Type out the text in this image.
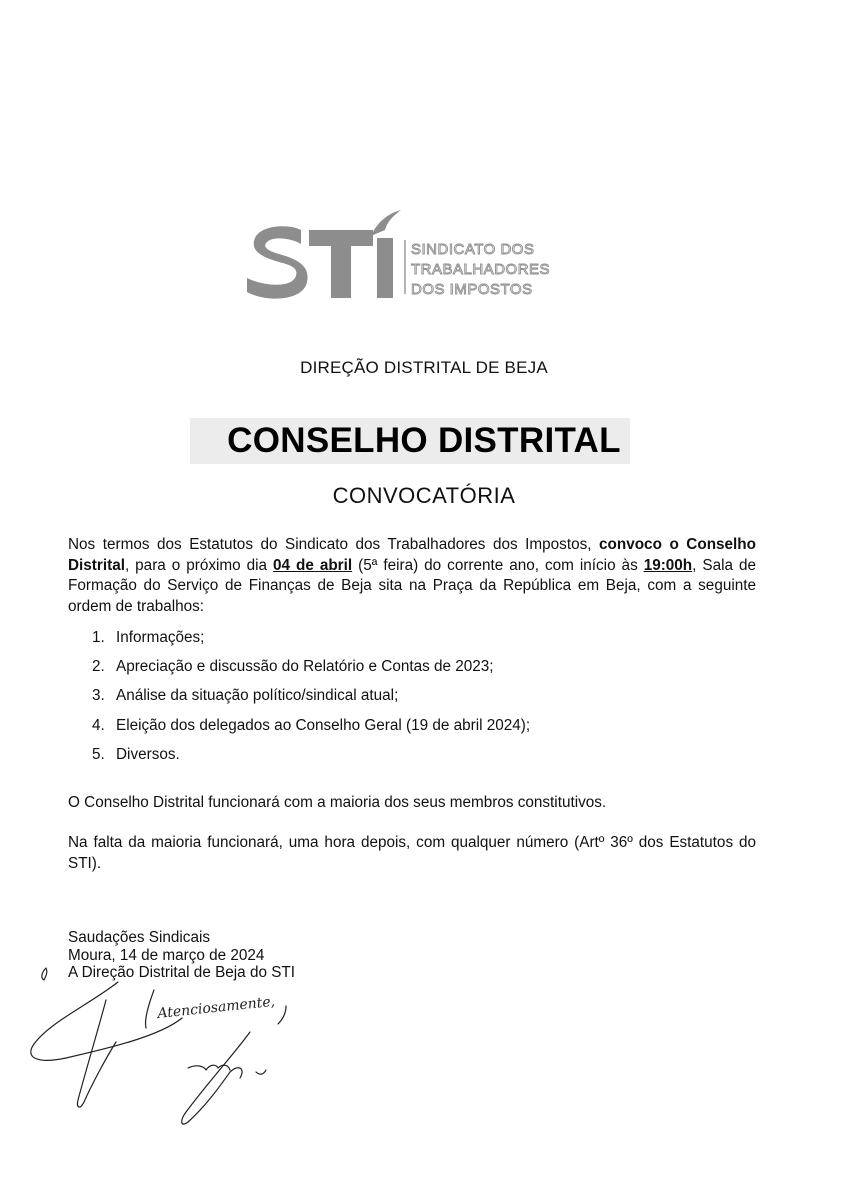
SINDICATO DOS
TRABALHADORES
DOS IMPOSTOS
DIREÇÃO DISTRITAL DE BEJA
CONSELHO DISTRITAL
CONVOCATÓRIA
Nos termos dos Estatutos do Sindicato dos Trabalhadores dos Impostos, convoco o Conselho Distrital, para o próximo dia 04 de abril (5ª feira) do corrente ano, com início às 19:00h, Sala de Formação do Serviço de Finanças de Beja sita na Praça da República em Beja, com a seguinte ordem de trabalhos:
1. Informações;
2. Apreciação e discussão do Relatório e Contas de 2023;
3. Análise da situação político/sindical atual;
4. Eleição dos delegados ao Conselho Geral (19 de abril 2024);
5. Diversos.
O Conselho Distrital funcionará com a maioria dos seus membros constitutivos.
Na falta da maioria funcionará, uma hora depois, com qualquer número (Artº 36º dos Estatutos do STI).
Saudações Sindicais
Moura, 14 de março de 2024
A Direção Distrital de Beja do STI
Atenciosamente,
